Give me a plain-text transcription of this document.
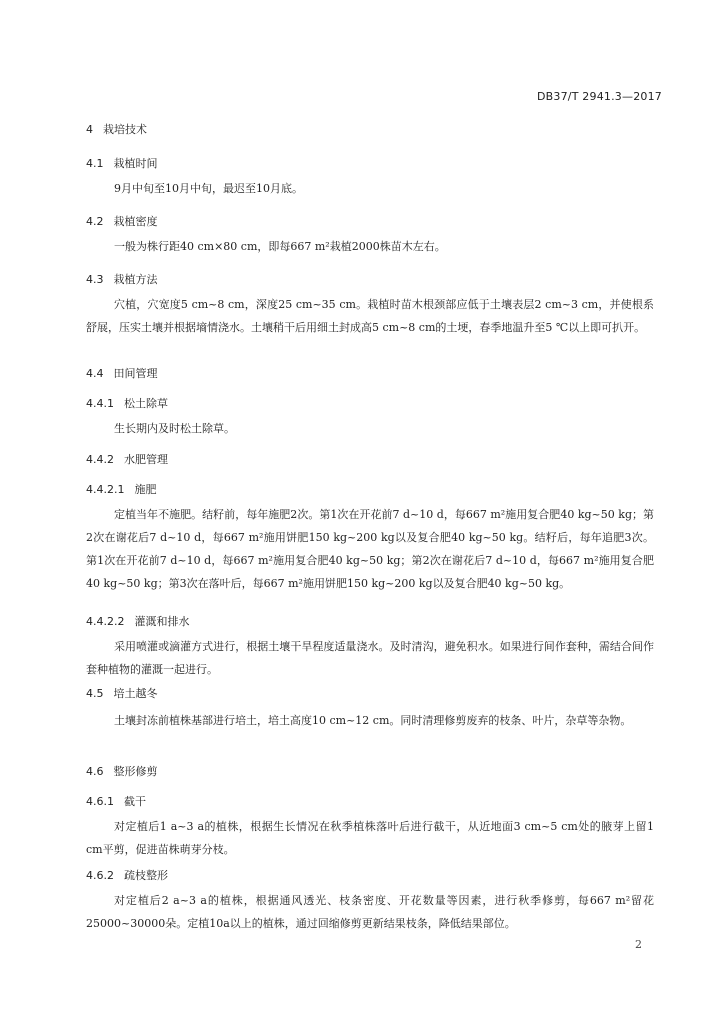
DB37/T 2941.3—2017
4 栽培技术
4.1 栽植时间

9月中旬至10月中旬，最迟至10月底。

4.2 栽植密度

一般为株行距40 cm×80 cm，即每667 m²栽植2000株苗木左右。

4.3 栽植方法

穴植，穴宽度5 cm~8 cm，深度25 cm~35 cm。栽植时苗木根颈部应低于土壤表层2 cm~3 cm，并使根系舒展，压实土壤并根据墒情浇水。土壤稍干后用细土封成高5 cm~8 cm的土埂，春季地温升至5 ℃以上即可扒开。

4.4 田间管理
4.4.1 松土除草

生长期内及时松土除草。

4.4.2 水肥管理
4.4.2.1 施肥

定植当年不施肥。结籽前，每年施肥2次。第1次在开花前7 d~10 d，每667 m²施用复合肥40 kg~50 kg；第2次在谢花后7 d~10 d，每667 m²施用饼肥150 kg~200 kg以及复合肥40 kg~50 kg。结籽后，每年追肥3次。第1次在开花前7 d~10 d，每667 m²施用复合肥40 kg~50 kg；第2次在谢花后7 d~10 d，每667 m²施用复合肥40 kg~50 kg；第3次在落叶后，每667 m²施用饼肥150 kg~200 kg以及复合肥40 kg~50 kg。

4.4.2.2 灌溉和排水

采用喷灌或滴灌方式进行，根据土壤干旱程度适量浇水。及时清沟，避免积水。如果进行间作套种，需结合间作套种植物的灌溉一起进行。

4.5 培土越冬

土壤封冻前植株基部进行培土，培土高度10 cm~12 cm。同时清理修剪废弃的枝条、叶片，杂草等杂物。

4.6 整形修剪
4.6.1 截干

对定植后1 a~3 a的植株，根据生长情况在秋季植株落叶后进行截干，从近地面3 cm~5 cm处的腋芽上留1 cm平剪，促进苗株萌芽分枝。

4.6.2 疏枝整形

对定植后2 a~3 a的植株，根据通风透光、枝条密度、开花数量等因素，进行秋季修剪，每667 m²留花25000~30000朵。定植10a以上的植株，通过回缩修剪更新结果枝条，降低结果部位。

2
